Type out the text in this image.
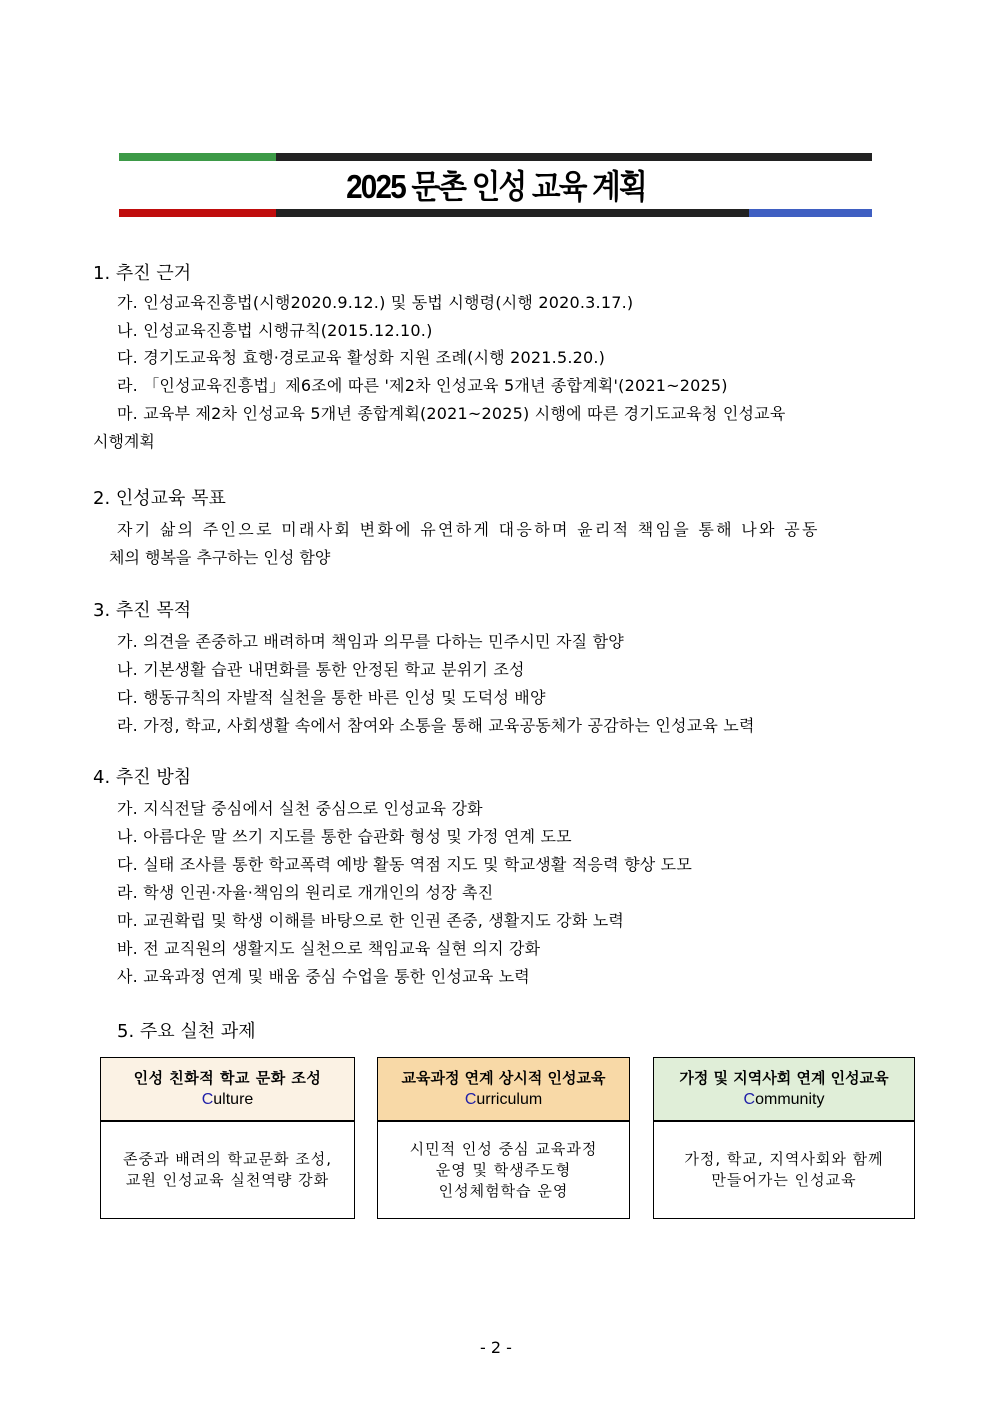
2025 문촌 인성 교육 계획
1. 추진 근거
가. 인성교육진흥법(시행2020.9.12.) 및 동법 시행령(시행 2020.3.17.)
나. 인성교육진흥법 시행규칙(2015.12.10.)
다. 경기도교육청 효행·경로교육 활성화 지원 조례(시행 2021.5.20.)
라. 「인성교육진흥법」제6조에 따른 '제2차 인성교육 5개년 종합계획'(2021~2025)
마. 교육부 제2차 인성교육 5개년 종합계획(2021~2025) 시행에 따른 경기도교육청 인성교육
시행계획
2. 인성교육 목표
자기 삶의 주인으로 미래사회 변화에 유연하게 대응하며 윤리적 책임을 통해 나와 공동
체의 행복을 추구하는 인성 함양
3. 추진 목적
가. 의견을 존중하고 배려하며 책임과 의무를 다하는 민주시민 자질 함양
나. 기본생활 습관 내면화를 통한 안정된 학교 분위기 조성
다. 행동규칙의 자발적 실천을 통한 바른 인성 및 도덕성 배양
라. 가정, 학교, 사회생활 속에서 참여와 소통을 통해 교육공동체가 공감하는 인성교육 노력
4. 추진 방침
가. 지식전달 중심에서 실천 중심으로 인성교육 강화
나. 아름다운 말 쓰기 지도를 통한 습관화 형성 및 가정 연계 도모
다. 실태 조사를 통한 학교폭력 예방 활동 역점 지도 및 학교생활 적응력 향상 도모
라. 학생 인권·자율·책임의 원리로 개개인의 성장 촉진
마. 교권확립 및 학생 이해를 바탕으로 한 인권 존중, 생활지도 강화 노력
바. 전 교직원의 생활지도 실천으로 책임교육 실현 의지 강화
사. 교육과정 연계 및 배움 중심 수업을 통한 인성교육 노력
5. 주요 실천 과제
인성 친화적 학교 문화 조성
Culture
존중과 배려의 학교문화 조성,
교원 인성교육 실천역량 강화
교육과정 연계 상시적 인성교육
Curriculum
시민적 인성 중심 교육과정
운영 및 학생주도형
인성체험학습 운영
가정 및 지역사회 연계 인성교육
Community
가정, 학교, 지역사회와 함께
만들어가는 인성교육
- 2 -
